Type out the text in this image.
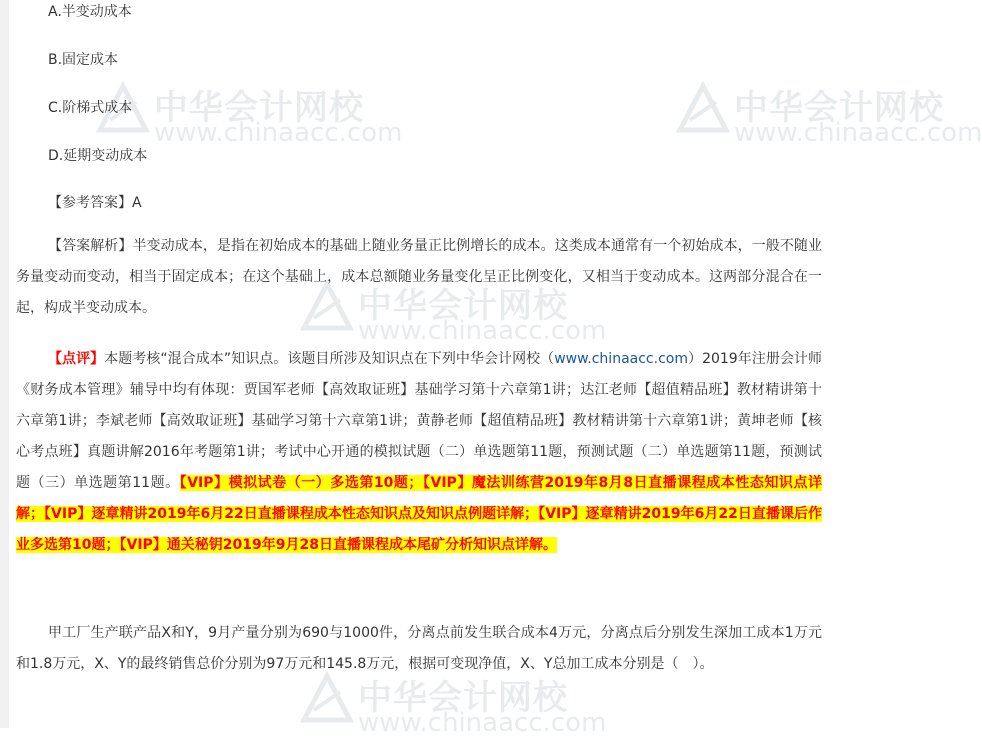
中华会计网校
www.chinaacc.com
中华会计网校
www.chinaacc.com
中华会计网校
www.chinaacc.com
中华会计网校
www.chinaacc.com
A.半变动成本
B.固定成本
C.阶梯式成本
D.延期变动成本
【参考答案】A

【答案解析】半变动成本，是指在初始成本的基础上随业务量正比例增长的成本。这类成本通常有一个初始成本，一般不随业务量变动而变动，相当于固定成本；在这个基础上，成本总额随业务量变化呈正比例变化，又相当于变动成本。这两部分混合在一起，构成半变动成本。

【点评】本题考核“混合成本”知识点。该题目所涉及知识点在下列中华会计网校（www.chinaacc.com）2019年注册会计师《财务成本管理》辅导中均有体现：贾国军老师【高效取证班】基础学习第十六章第1讲；达江老师【超值精品班】教材精讲第十六章第1讲；李斌老师【高效取证班】基础学习第十六章第1讲；黄静老师【超值精品班】教材精讲第十六章第1讲；黄坤老师【核心考点班】真题讲解2016年考题第1讲；考试中心开通的模拟试题（二）单选题第11题，预测试题（二）单选题第11题，预测试题（三）单选题第11题。【VIP】模拟试卷（一）多选第10题；【VIP】魔法训练营2019年8月8日直播课程成本性态知识点详解；【VIP】逐章精讲2019年6月22日直播课程成本性态知识点及知识点例题详解；【VIP】逐章精讲2019年6月22日直播课后作业多选第10题；【VIP】通关秘钥2019年9月28日直播课程成本尾矿分析知识点详解。

甲工厂生产联产品X和Y，9月产量分别为690与1000件，分离点前发生联合成本4万元，分离点后分别发生深加工成本1万元和1.8万元，X、Y的最终销售总价分别为97万元和145.8万元，根据可变现净值，X、Y总加工成本分别是（　）。
